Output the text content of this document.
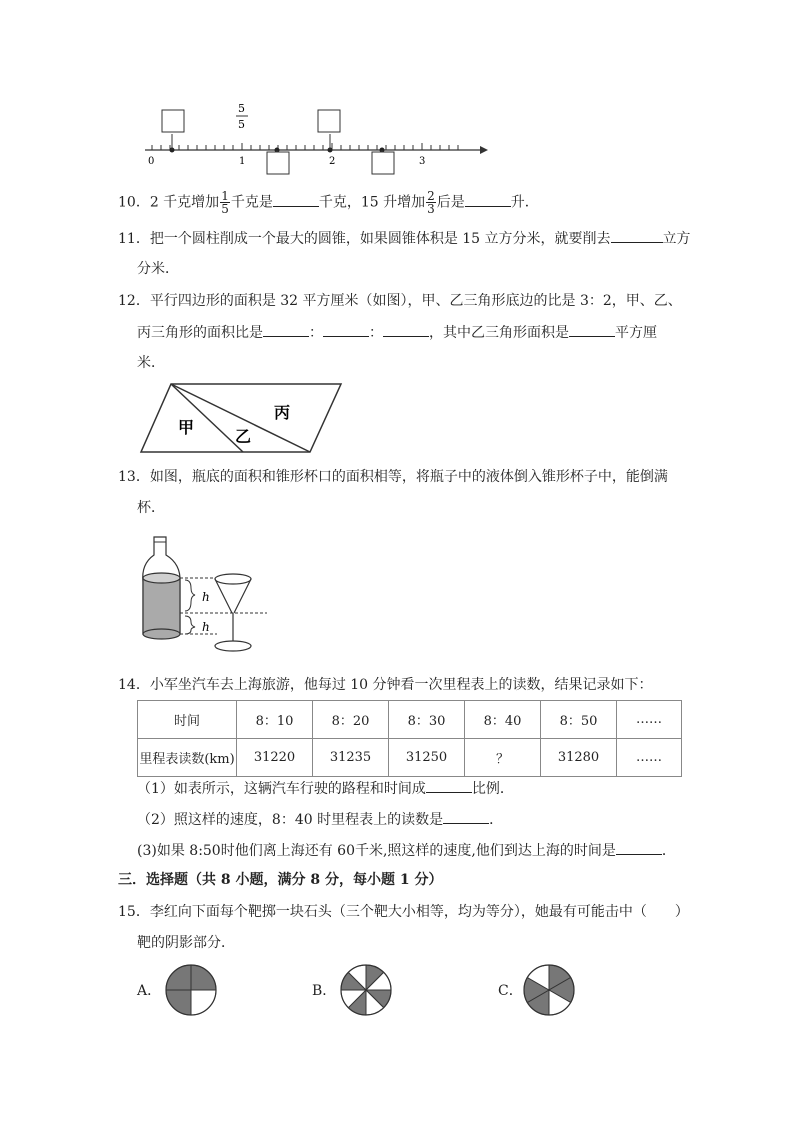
0	1	2	3
5
5
10．2 千克增加 $\frac{1}{5}$ 千克是	千克，15 升增加 $\frac{2}{3}$ 后是	升．
11．把一个圆柱削成一个最大的圆锥，如果圆锥体积是 15 立方分米，就要削去	立方
分米．
12．平行四边形的面积是 32 平方厘米（如图），甲、乙三角形底边的比是 3：2，甲、乙、
丙三角形的面积比是	：	：	，其中乙三角形面积是	平方厘
米．
甲	乙
丙
13．如图，瓶底的面积和锥形杯口的面积相等，将瓶子中的液体倒入锥形杯子中，能倒满
杯．
h
h
14．小军坐汽车去上海旅游，他每过 10 分钟看一次里程表上的读数，结果记录如下：
时间	8：10	8：20	8：30	8：40	8：50	……
里程表读数(km)	31220	31235	31250	？	31280	……
（1）如表所示，这辆汽车行驶的路程和时间成	比例．
（2）照这样的速度，8：40 时里程表上的读数是	．
(3)如果 8:50时他们离上海还有 60千米,照这样的速度,他们到达上海的时间是	．
三．选择题（共 8 小题，满分 8 分，每小题 1 分）
15．李红向下面每个靶掷一块石头（三个靶大小相等，均为等分），她最有可能击中（　　）
靶的阴影部分．
A．	B．	C．
